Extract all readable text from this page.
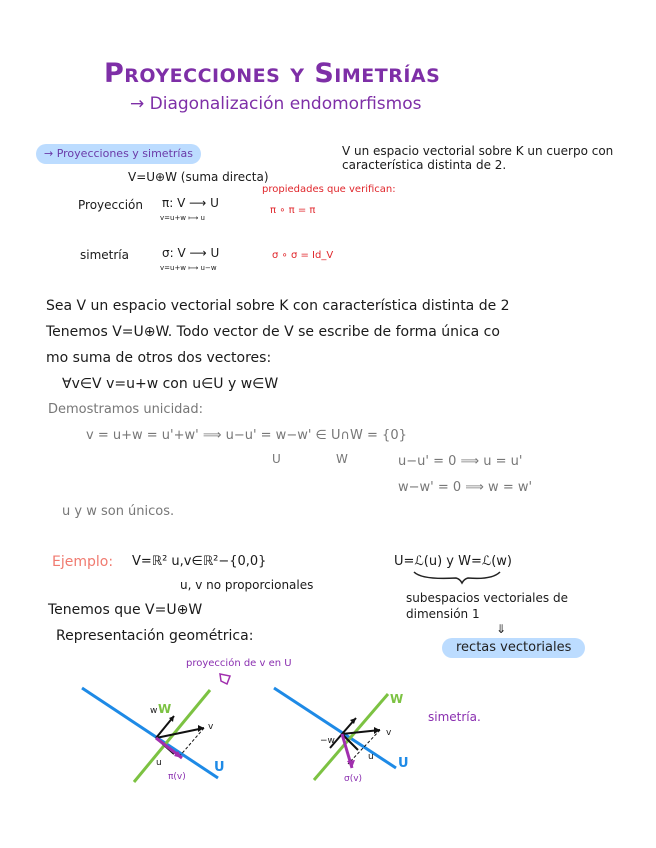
Proyecciones y Simetrías
→ Diagonalización endomorfismos
→ Proyecciones y simetrías	V un espacio vectorial sobre K un cuerpo con característica distinta de 2.
V=U⊕W (suma directa)
propiedades que verifican:
Proyección π: V ⟶ U
v=u+w ⟼ u
π ∘ π = π
simetría	σ: V ⟶ U
v=u+w ⟼ u−w
σ ∘ σ = Id_V
Sea V un espacio vectorial sobre K con característica distinta de 2
Tenemos V=U⊕W. Todo vector de V se escribe de forma única co
mo suma de otros dos vectores:
∀v∈V v=u+w con u∈U y w∈W
Demostramos unicidad:
v = u+w = u'+w' ⟹ u−u' = w−w' ∈ U∩W = {0}
U	W	u−u' = 0 ⟹ u = u'
w−w' = 0 ⟹ w = w'
u y w son únicos.
Ejemplo: V=ℝ² u,v∈ℝ²−{0,0}	U=ℒ(u) y W=ℒ(w)
u, v no proporcionales
subespacios vectoriales de dimensión 1
⇓
rectas vectoriales
Tenemos que V=U⊕W
Representación geométrica:
proyección de v en U
simetría.
W
U
w
v
u
π(v)
W
U
v
u
−w
σ(v)
